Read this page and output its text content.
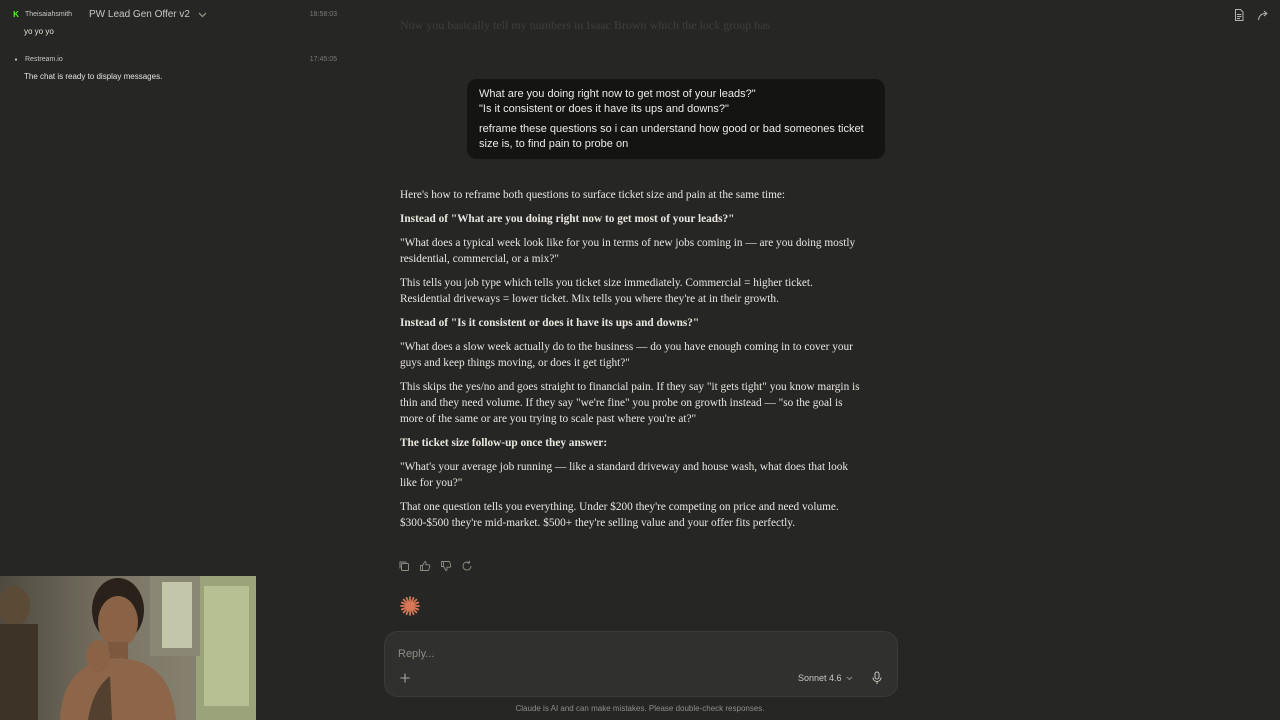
K Theisaiahsmith	18:58:03
yo yo yo
●	Restream.io	17:45:05
The chat is ready to display messages.
PW Lead Gen Offer v2
Now you basically tell my numbers in Isaac Brown which the lock group has

What are you doing right now to get most of your leads?"

"Is it consistent or does it have its ups and downs?"

reframe these questions so i can understand how good or bad someones ticket size is, to find pain to probe on

Here's how to reframe both questions to surface ticket size and pain at the same time:

Instead of "What are you doing right now to get most of your leads?"

"What does a typical week look like for you in terms of new jobs coming in — are you doing mostly residential, commercial, or a mix?"

This tells you job type which tells you ticket size immediately. Commercial = higher ticket. Residential driveways = lower ticket. Mix tells you where they're at in their growth.

Instead of "Is it consistent or does it have its ups and downs?"

"What does a slow week actually do to the business — do you have enough coming in to cover your guys and keep things moving, or does it get tight?"

This skips the yes/no and goes straight to financial pain. If they say "it gets tight" you know margin is thin and they need volume. If they say "we're fine" you probe on growth instead — "so the goal is more of the same or are you trying to scale past where you're at?"

The ticket size follow-up once they answer:

"What's your average job running — like a standard driveway and house wash, what does that look like for you?"

That one question tells you everything. Under $200 they're competing on price and need volume. $300-$500 they're mid-market. $500+ they're selling value and your offer fits perfectly.

Reply...
Sonnet 4.6
Claude is AI and can make mistakes. Please double-check responses.
